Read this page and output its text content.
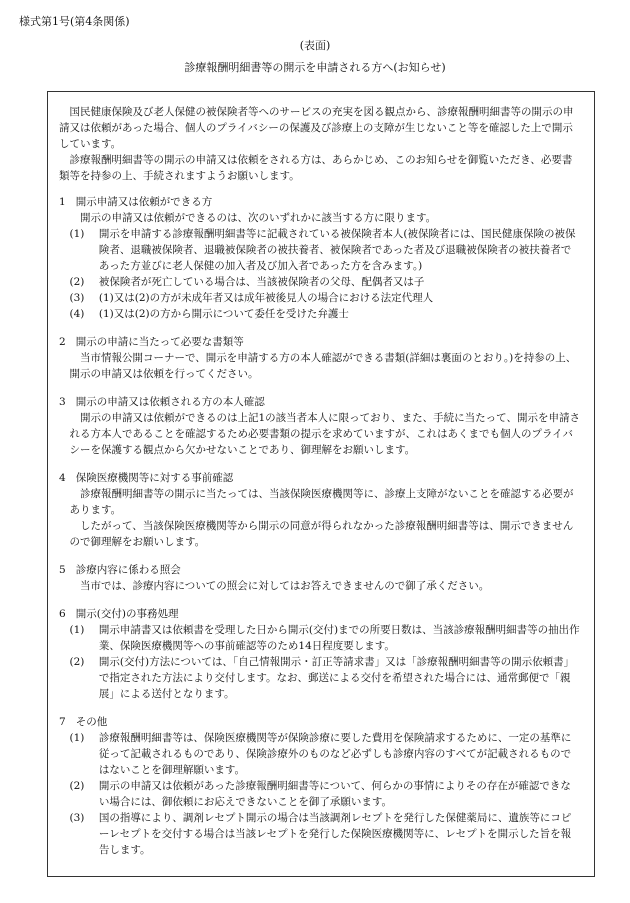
様式第1号(第4条関係)
(表面)
診療報酬明細書等の開示を申請される方へ(お知らせ)

国民健康保険及び老人保健の被保険者等へのサービスの充実を図る観点から、診療報酬明細書等の開示の申請又は依頼があった場合、個人のプライバシーの保護及び診療上の支障が生じないこと等を確認した上で開示しています。

診療報酬明細書等の開示の申請又は依頼をされる方は、あらかじめ、このお知らせを御覧いただき、必要書類等を持参の上、手続されますようお願いします。

1 開示申請又は依頼ができる方

開示の申請又は依頼ができるのは、次のいずれかに該当する方に限ります。

(1)	開示を申請する診療報酬明細書等に記載されている被保険者本人(被保険者には、国民健康保険の被保険者、退職被保険者、退職被保険者の被扶養者、被保険者であった者及び退職被保険者の被扶養者であった方並びに老人保健の加入者及び加入者であった方を含みます。)
(2)	被保険者が死亡している場合は、当該被保険者の父母、配偶者又は子
(3)	(1)又は(2)の方が未成年者又は成年被後見人の場合における法定代理人
(4)	(1)又は(2)の方から開示について委任を受けた弁護士
2 開示の申請に当たって必要な書類等

当市情報公開コーナーで、開示を申請する方の本人確認ができる書類(詳細は裏面のとおり。)を持参の上、開示の申請又は依頼を行ってください。

3 開示の申請又は依頼される方の本人確認

開示の申請又は依頼ができるのは上記1の該当者本人に限っており、また、手続に当たって、開示を申請される方本人であることを確認するため必要書類の提示を求めていますが、これはあくまでも個人のプライバシーを保護する観点から欠かせないことであり、御理解をお願いします。

4 保険医療機関等に対する事前確認

診療報酬明細書等の開示に当たっては、当該保険医療機関等に、診療上支障がないことを確認する必要があります。

したがって、当該保険医療機関等から開示の同意が得られなかった診療報酬明細書等は、開示できませんので御理解をお願いします。

5 診療内容に係わる照会

当市では、診療内容についての照会に対してはお答えできませんので御了承ください。

6 開示(交付)の事務処理
(1)	開示申請書又は依頼書を受理した日から開示(交付)までの所要日数は、当該診療報酬明細書等の抽出作業、保険医療機関等への事前確認等のため14日程度要します。
(2)	開示(交付)方法については、「自己情報開示・訂正等請求書」又は「診療報酬明細書等の開示依頼書」で指定された方法により交付します。なお、郵送による交付を希望された場合には、通常郵便で「親展」による送付となります。
7 その他
(1)	診療報酬明細書等は、保険医療機関等が保険診療に要した費用を保険請求するために、一定の基準に従って記載されるものであり、保険診療外のものなど必ずしも診療内容のすべてが記載されるものではないことを御理解願います。
(2)	開示の申請又は依頼があった診療報酬明細書等について、何らかの事情によりその存在が確認できない場合には、御依頼にお応えできないことを御了承願います。
(3)	国の指導により、調剤レセプト開示の場合は当該調剤レセプトを発行した保健薬局に、遺族等にコピーレセプトを交付する場合は当該レセプトを発行した保険医療機関等に、レセプトを開示した旨を報告します。
